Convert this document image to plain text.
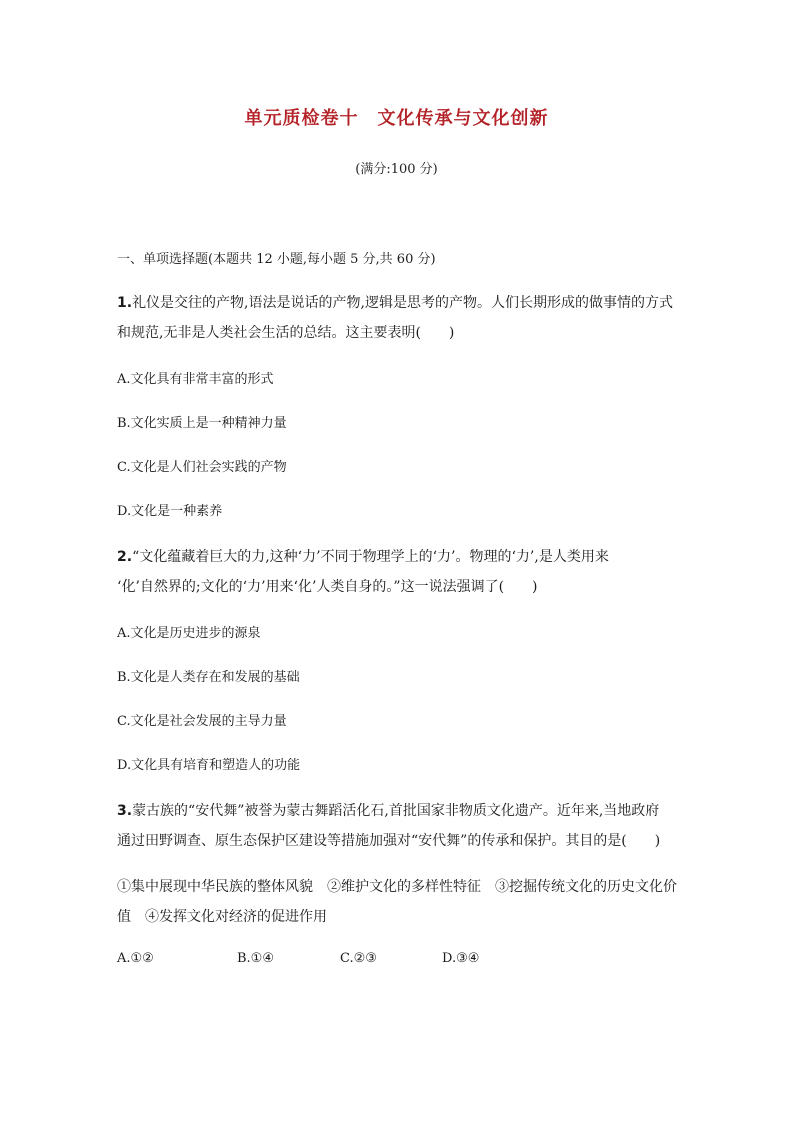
单元质检卷十　文化传承与文化创新
(满分:100 分)
一、单项选择题(本题共 12 小题,每小题 5 分,共 60 分)
1.礼仪是交往的产物,语法是说话的产物,逻辑是思考的产物。人们长期形成的做事情的方式
和规范,无非是人类社会生活的总结。这主要表明(　　)
A.文化具有非常丰富的形式
B.文化实质上是一种精神力量
C.文化是人们社会实践的产物
D.文化是一种素养
2.“文化蕴藏着巨大的力,这种‘力’不同于物理学上的‘力’。物理的‘力’,是人类用来
‘化’自然界的;文化的‘力’用来‘化’人类自身的。”这一说法强调了(　　)
A.文化是历史进步的源泉
B.文化是人类存在和发展的基础
C.文化是社会发展的主导力量
D.文化具有培育和塑造人的功能
3.蒙古族的“安代舞”被誉为蒙古舞蹈活化石,首批国家非物质文化遗产。近年来,当地政府
通过田野调查、原生态保护区建设等措施加强对“安代舞”的传承和保护。其目的是(　　)
①集中展现中华民族的整体风貌　②维护文化的多样性特征　③挖掘传统文化的历史文化价
值　④发挥文化对经济的促进作用
A.①②	B.①④	C.②③	D.③④
